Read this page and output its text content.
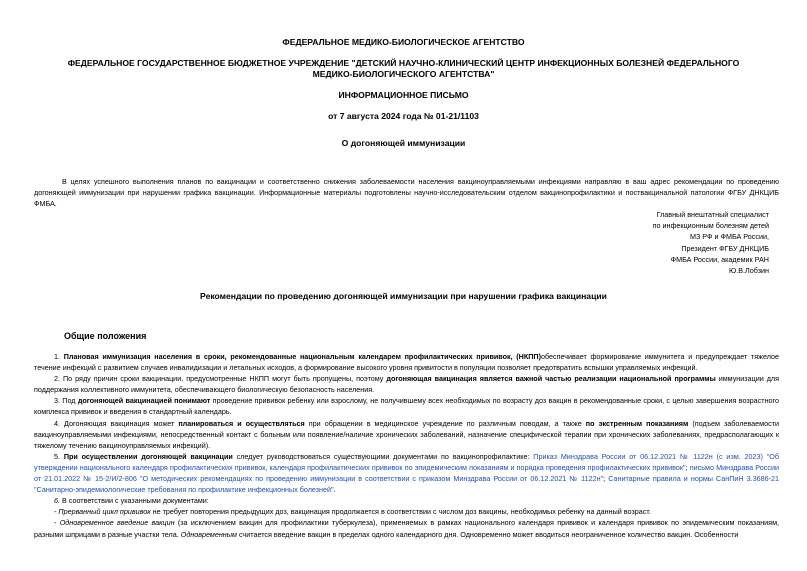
ФЕДЕРАЛЬНОЕ МЕДИКО-БИОЛОГИЧЕСКОЕ АГЕНТСТВО
ФЕДЕРАЛЬНОЕ ГОСУДАРСТВЕННОЕ БЮДЖЕТНОЕ УЧРЕЖДЕНИЕ "ДЕТСКИЙ НАУЧНО-КЛИНИЧЕСКИЙ ЦЕНТР ИНФЕКЦИОННЫХ БОЛЕЗНЕЙ ФЕДЕРАЛЬНОГО
МЕДИКО-БИОЛОГИЧЕСКОГО АГЕНТСТВА"
ИНФОРМАЦИОННОЕ ПИСЬМО
от 7 августа 2024 года № 01-21/1103
О догоняющей иммунизации

В целях успешного выполнения планов по вакцинации и соответственно снижения заболеваемости населения вакциноуправляемыми инфекциями направляю в ваш адрес рекомендации по проведению догоняющей иммунизации при нарушении графика вакцинации. Информационные материалы подготовлены научно-исследовательским отделом вакцинопрофилактики и поствакцинальной патологии ФГБУ ДНКЦИБ ФМБА.

Главный внештатный специалист
по инфекционным болезням детей
МЗ РФ и ФМБА России,
Президент ФГБУ ДНКЦИБ
ФМБА России, академик РАН
Ю.В.Лобзин
Рекомендации по проведению догоняющей иммунизации при нарушении графика вакцинации
Общие положения

1. Плановая иммунизация населения в сроки, рекомендованные национальным календарем профилактических прививок, (НКПП)обеспечивает формирование иммунитета и предупреждает тяжелое течение инфекций с развитием случаев инвалидизации и летальных исходов, а формирование высокого уровня привитости в популяции позволяет предотвратить вспышки управляемых инфекций.

2. По ряду причин сроки вакцинации, предусмотренные НКПП могут быть пропущены, поэтому догоняющая вакцинация является важной частью реализации национальной программы иммунизации для поддержания коллективного иммунитета, обеспечивающего биологическую безопасность населения.

3. Под догоняющей вакцинацией понимают проведение прививок ребенку или взрослому, не получившему всех необходимых по возрасту доз вакцин в рекомендованные сроки, с целью завершения возрастного комплекса прививок и введения в стандартный календарь.

4. Догоняющая вакцинация может планироваться и осуществляться при обращении в медицинское учреждение по различным поводам, а также по экстренным показаниям (подъем заболеваемости вакциноуправляемыми инфекциями, непосредственный контакт с больным или появление/наличие хронических заболеваний, назначение специфической терапии при хронических заболеваниях, предрасполагающих к тяжелому течению вакциноуправляемых инфекций).

5. При осуществлении догоняющей вакцинации следует руководствоваться существующими документами по вакцинопрофилактике: Приказ Минздрава России от 06.12.2021 № 1122н (с изм. 2023) "Об утверждении национального календаря профилактических прививок, календаря профилактических прививок по эпидемическим показаниям и порядка проведения профилактических прививок"; письмо Минздрава России от 21.01.2022 № 15-2/И/2-806 "О методических рекомендациях по проведению иммунизации в соответствии с приказом Минздрава России от 06.12.2021 № 1122н"; Санитарные правила и нормы СанПиН 3.3686-21 "Санитарно-эпидемиологические требования по профилактике инфекционных болезней".

6. В соответствии с указанными документами:

- Прерванный цикл прививок не требует повторения предыдущих доз, вакцинация продолжается в соответствии с числом доз вакцины, необходимых ребенку на данный возраст.

- Одновременное введение вакцин (за исключением вакцин для профилактики туберкулеза), применяемых в рамках национального календаря прививок и календаря прививок по эпидемическим показаниям, разными шприцами в разные участки тела. Одновременным считается введение вакцин в пределах одного календарного дня. Одновременно может вводиться неограниченное количество вакцин. Особенности
